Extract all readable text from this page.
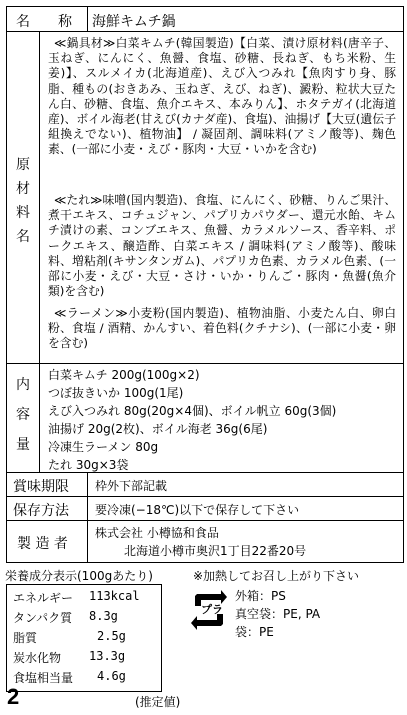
名　　称 海鮮キムチ鍋
原
材
料
名
≪鍋具材≫白菜キムチ(韓国製造)【白菜、漬け原材料(唐辛子、玉ねぎ、にんにく、魚醤、食塩、砂糖、長ねぎ、もち米粉、生姜)】、スルメイカ(北海道産)、えび入つみれ【魚肉すり身、豚脂、種もの(おきあみ、玉ねぎ、えび、ねぎ)、澱粉、粒状大豆たん白、砂糖、食塩、魚介エキス、本みりん】、ホタテガイ(北海道産)、ボイル海老(甘えび(カナダ産)、食塩)、油揚げ【大豆(遺伝子組換えでない)、植物油】 / 凝固剤、調味料(アミノ酸等)、麹色素、(一部に小麦・えび・豚肉・大豆・いかを含む)
≪たれ≫味噌(国内製造)、食塩、にんにく、砂糖、りんご果汁、煮干エキス、コチュジャン、パプリカパウダー、還元水飴、キムチ漬けの素、コンブエキス、魚醤、カラメルソース、香辛料、ポークエキス、醸造酢、白菜エキス / 調味料(アミノ酸等)、酸味料、増粘剤(キサンタンガム)、パプリカ色素、カラメル色素、(一部に小麦・えび・大豆・さけ・いか・りんご・豚肉・魚醤(魚介類)を含む)
≪ラーメン≫小麦粉(国内製造)、植物油脂、小麦たん白、卵白粉、食塩 / 酒精、かんすい、着色料(クチナシ)、(一部に小麦・卵を含む)
内
容
量
白菜キムチ 200g(100g×2)
つぼ抜きいか 100g(1尾)
えび入つみれ 80g(20g×4個)、ボイル帆立 60g(3個)
油揚げ 20g(2枚)、ボイル海老 36g(6尾)
冷凍生ラーメン 80g
たれ 30g×3袋
賞味期限 枠外下部記載
保存方法 要冷凍(−18℃)以下で保存して下さい
製 造 者
株式会社 小樽協和食品
北海道小樽市奥沢1丁目22番20号
栄養成分表示(100gあたり)	※加熱してお召し上がり下さい
エネルギー 113kcal
タンパク質 8.3g
脂質	2.5g
炭水化物 13.3g
食塩相当量 4.6g
(推定値)
プラ
外箱：PS
真空袋：PE, PA
袋：PE
2
